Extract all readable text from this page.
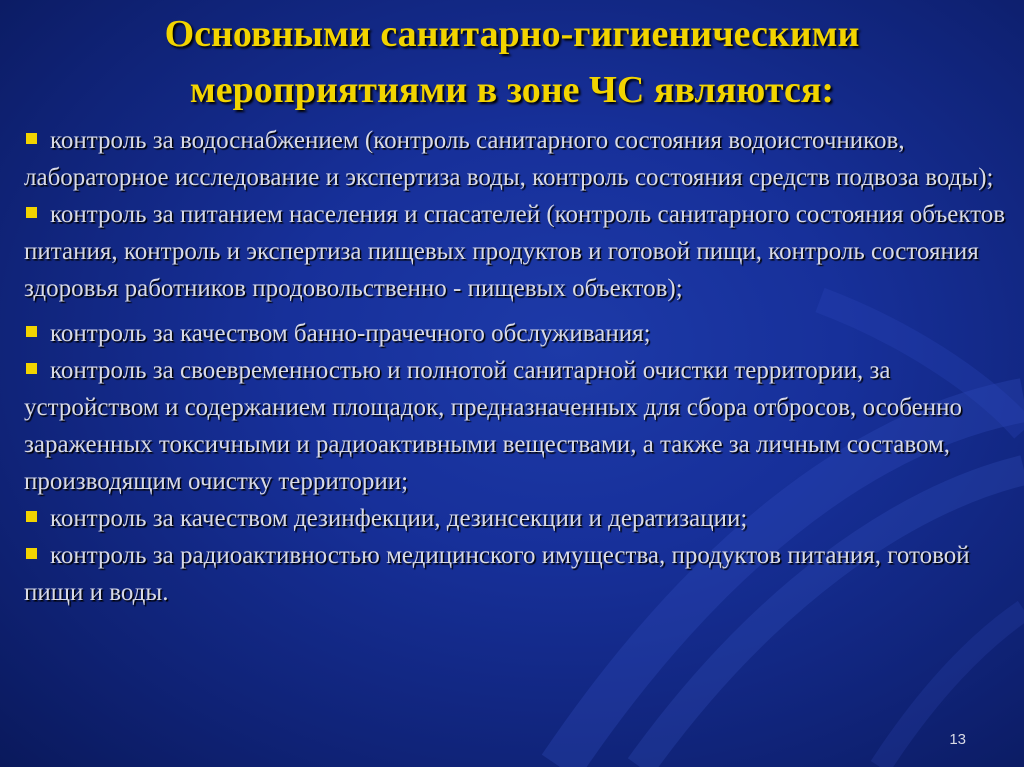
Основными санитарно-гигиеническими
мероприятиями в зоне ЧС являются:

контроль за водоснабжением (контроль санитарного состояния водоисточников, лабораторное исследование и экспертиза воды, контроль состояния средств подвоза воды);

контроль за питанием населения и спасателей (контроль санитарного состояния объектов питания, контроль и экспертиза пищевых продуктов и готовой пищи, контроль состояния здоровья работников продовольственно - пищевых объектов);

контроль за качеством банно-прачечного обслуживания;

контроль за своевременностью и полнотой санитарной очистки территории, за устройством и содержанием площадок, предназначенных для сбора отбросов, особенно зараженных токсичными и радиоактивными веществами, а также за личным составом, производящим очистку территории;

контроль за качеством дезинфекции, дезинсекции и дератизации;

контроль за радиоактивностью медицинского имущества, продуктов питания, готовой пищи и воды.

13
